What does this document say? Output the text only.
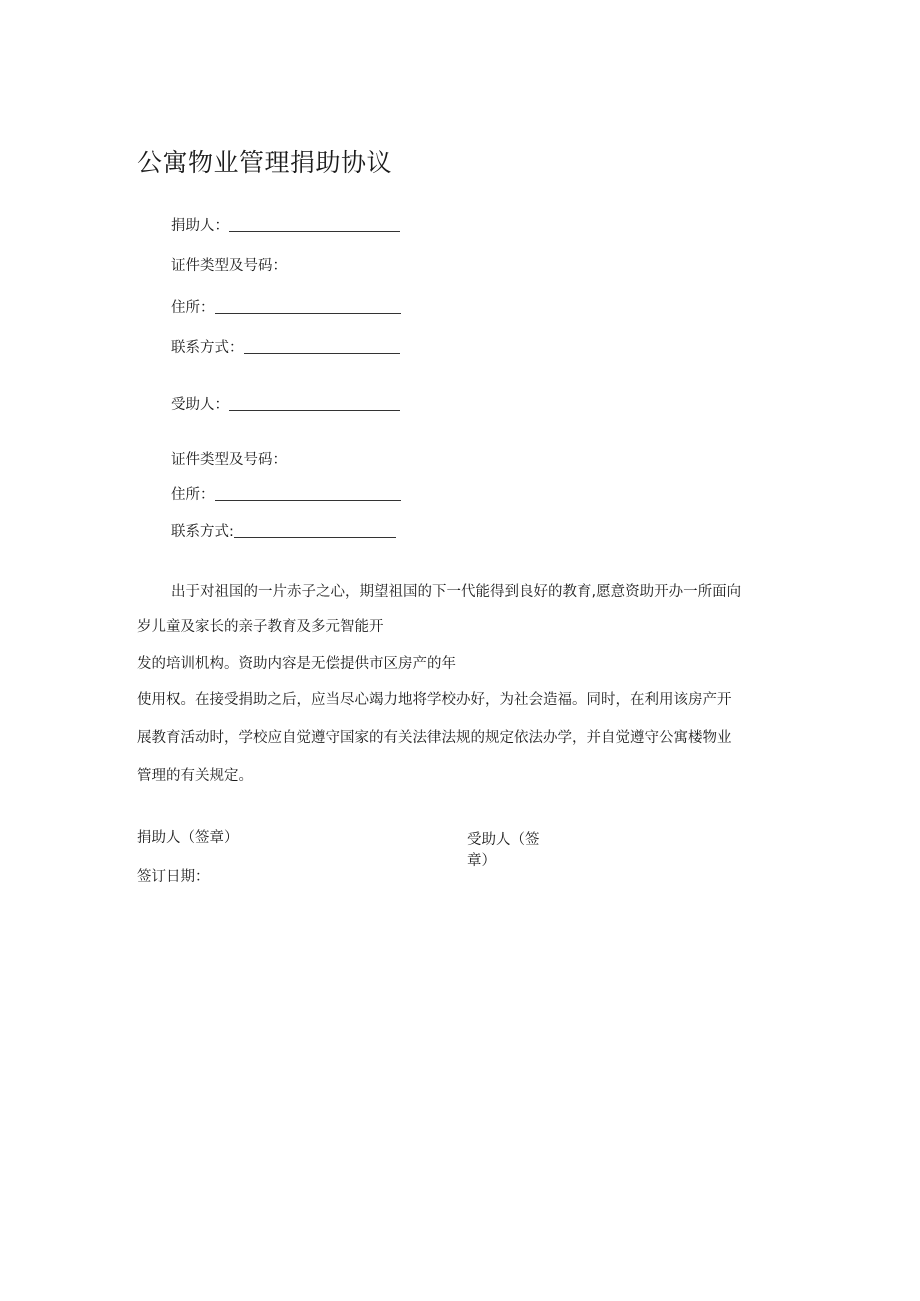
公寓物业管理捐助协议
捐助人：
证件类型及号码：
住所：
联系方式：
受助人：
证件类型及号码：
住所：
联系方式:
出于对祖国的一片赤子之心，期望祖国的下一代能得到良好的教育,愿意资助开办一所面向
岁儿童及家长的亲子教育及多元智能开
发的培训机构。资助内容是无偿提供市区房产的年
使用权。在接受捐助之后，应当尽心竭力地将学校办好，为社会造福。同时，在利用该房产开
展教育活动时，学校应自觉遵守国家的有关法律法规的规定依法办学，并自觉遵守公寓楼物业
管理的有关规定。
捐助人（签章）	受助人（签
章）
签订日期：
